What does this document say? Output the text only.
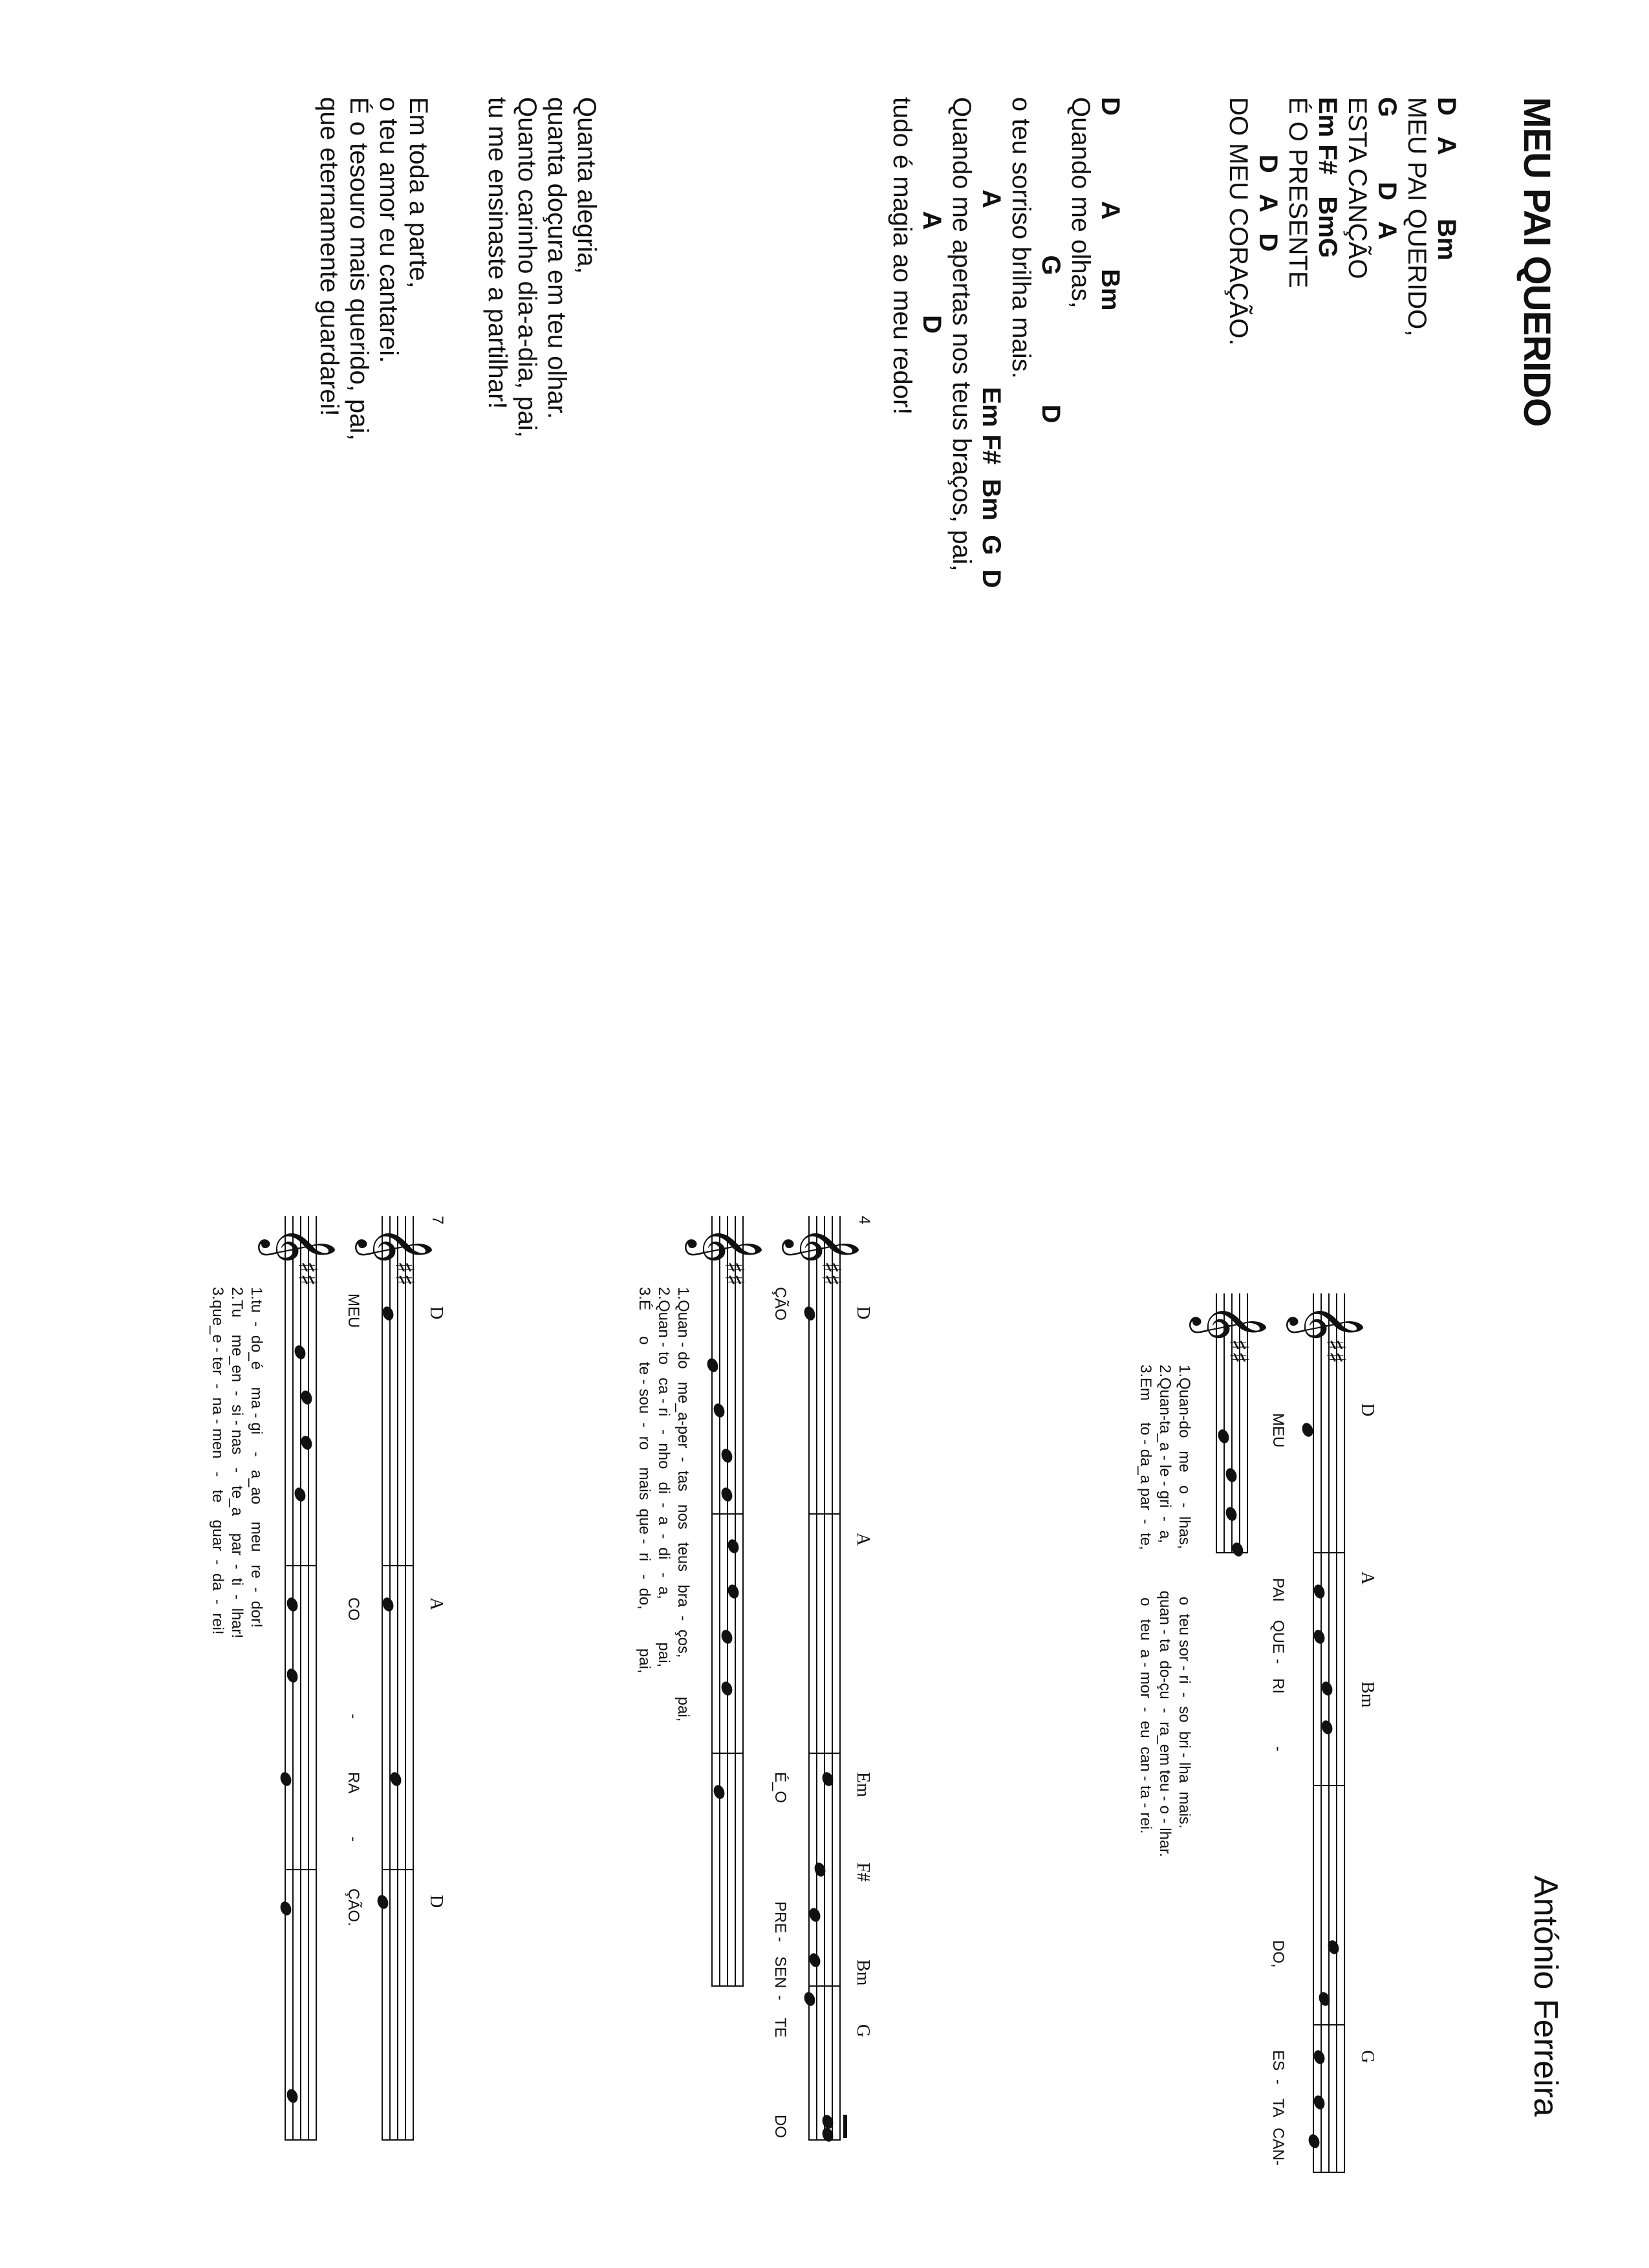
MEU PAI QUERIDO
António Ferreira
D   A         Bm
MEU PAI QUERIDO,
G         D   A
ESTA CANÇÃO
Em F#   BmG
É O PRESENTE
D   A   D
DO MEU CORAÇÃO.
D            A       Bm
Quando me olhas,
G                  D
o teu sorriso brilha mais.
A                         Em F#  Bm  G  D
Quando me apertas nos teus braços, pai,
A            D
tudo é magia ao meu redor!
Quanta alegria,
quanta doçura em teu olhar.
Quanto carinho dia-a-dia, pai,
tu me ensinaste a partilhar!
Em toda a parte,
o teu amor eu cantarei.
É o tesouro mais querido, pai,
que eternamente guardarei!
D
A
Bm
G
𝄞
♯♯
MEU
PAI
QUE
-
RI
-
DO,
ES
-
TA
CAN-
𝄞
♯♯
1.Quan-do   me   o  -  lhas,           o  teu sor - ri  -  so  bri - lha  mais.
2.Quan-ta_a - le - gri  -  a,           quan - ta  do-çu  -  ra_em teu - o - lhar.
3.Em     to - da_a par  -  te,           o   teu  a - mor  -  eu  can - ta - rei.
4
D
A
Em
F#
Bm
G
𝄞
♯♯
ÇÃO
É_O
PRE
-
SEN
-
TE
DO
𝄞
♯♯
1.Quan - do   me_a-per  -  tas   nos   teus   bra  -  ços,         pai,
2.Quan - to   ca - ri   -  nho   di  -  a  -  di   -  a,          pai,
3.É      o    te - sou  -  ro    mais  que -  ri   -  do,         pai,
7
D
A
D
𝄞
♯♯
MEU
CO
-
RA
-
ÇÃO.
𝄞
♯♯
1.tu  -  do_é    ma - gi    -   a_ao    meu   re  -  dor!
2.Tu    me_en  -  si - nas   -   te_a    par  -  ti  -  lhar!
3.que_e - ter  -  na - men   -   te    guar  -  da  -  rei!
